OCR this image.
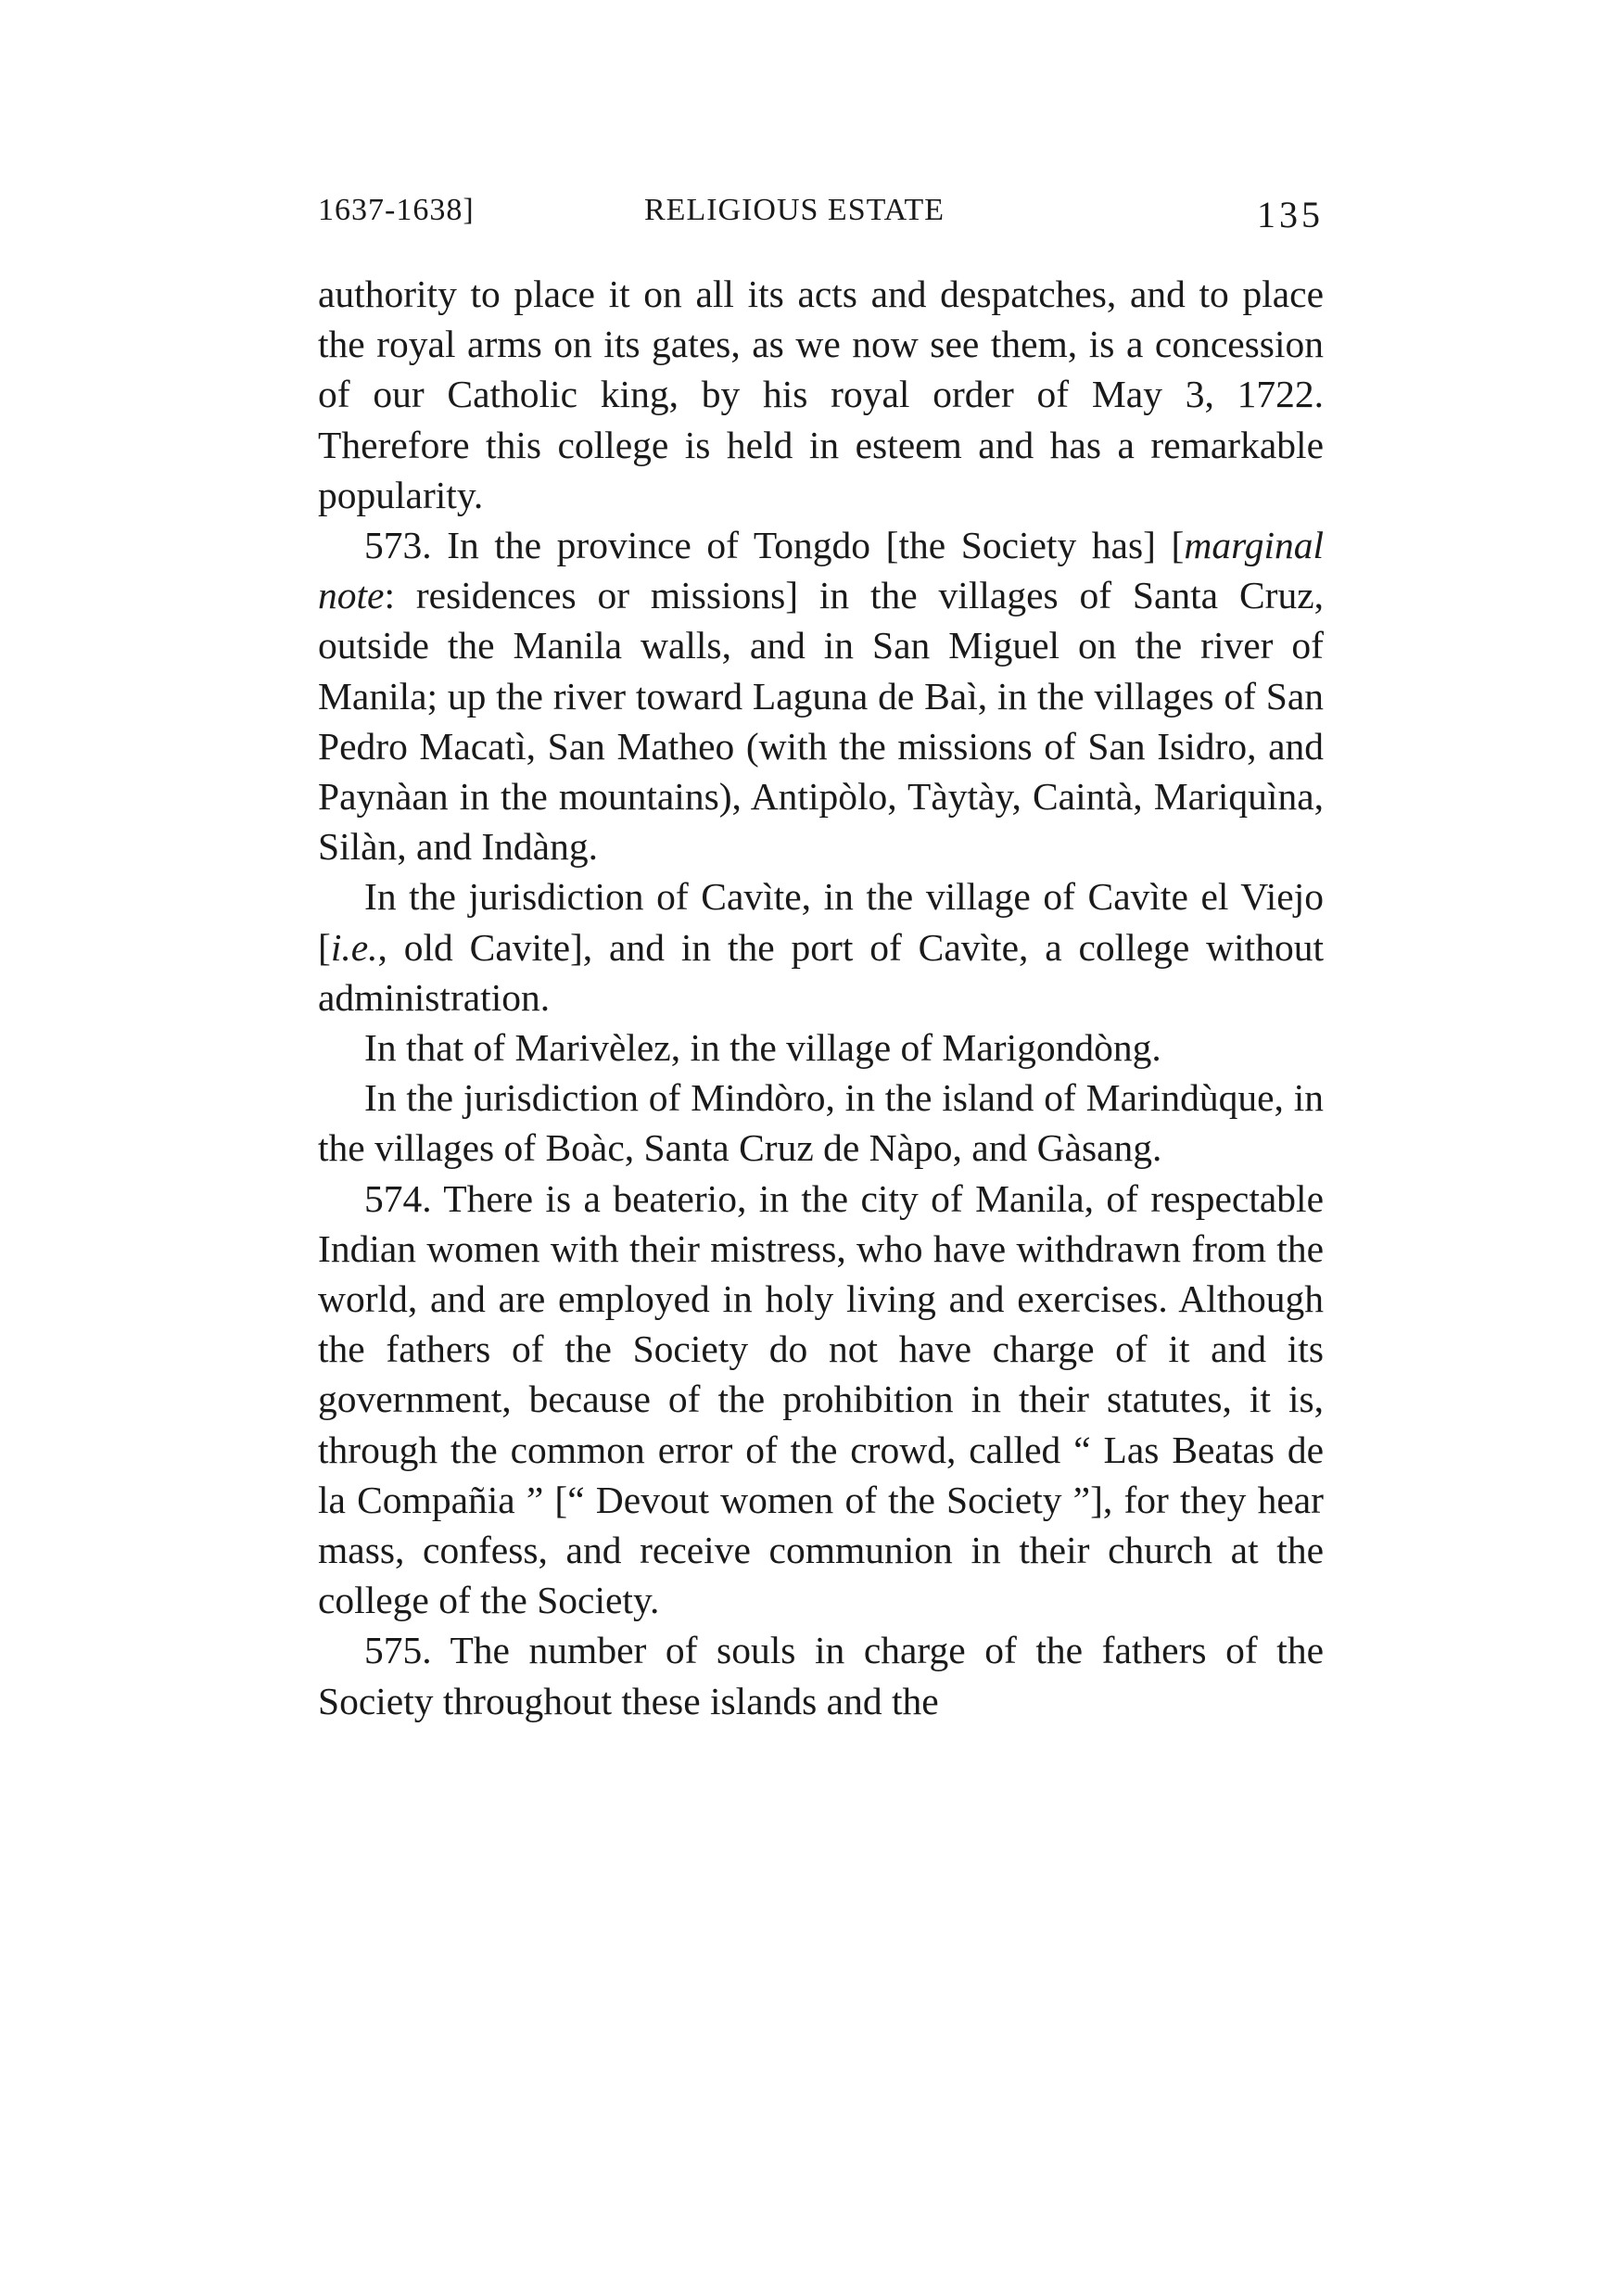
1637-1638]	RELIGIOUS ESTATE	135

authority to place it on all its acts and despatches, and to place the royal arms on its gates, as we now see them, is a concession of our Catholic king, by his royal order of May 3, 1722. Therefore this college is held in esteem and has a remarkable popularity.

573. In the province of Tongdo [the Society has] [marginal note: residences or missions] in the villages of Santa Cruz, outside the Manila walls, and in San Miguel on the river of Manila; up the river toward Laguna de Baì, in the villages of San Pedro Macatì, San Matheo (with the missions of San Isidro, and Paynàan in the mountains), Antipòlo, Tàytày, Caintà, Mariquìna, Silàn, and Indàng.

In the jurisdiction of Cavìte, in the village of Cavìte el Viejo [i.e., old Cavite], and in the port of Cavìte, a college without administration.

In that of Marivèlez, in the village of Marigondòng.

In the jurisdiction of Mindòro, in the island of Marindùque, in the villages of Boàc, Santa Cruz de Nàpo, and Gàsang.

574. There is a beaterio, in the city of Manila, of respectable Indian women with their mistress, who have withdrawn from the world, and are employed in holy living and exercises. Although the fathers of the Society do not have charge of it and its government, because of the prohibition in their statutes, it is, through the common error of the crowd, called “ Las Beatas de la Compañia ” [“ Devout women of the Society ”], for they hear mass, confess, and receive communion in their church at the college of the Society.

575. The number of souls in charge of the fathers of the Society throughout these islands and the
